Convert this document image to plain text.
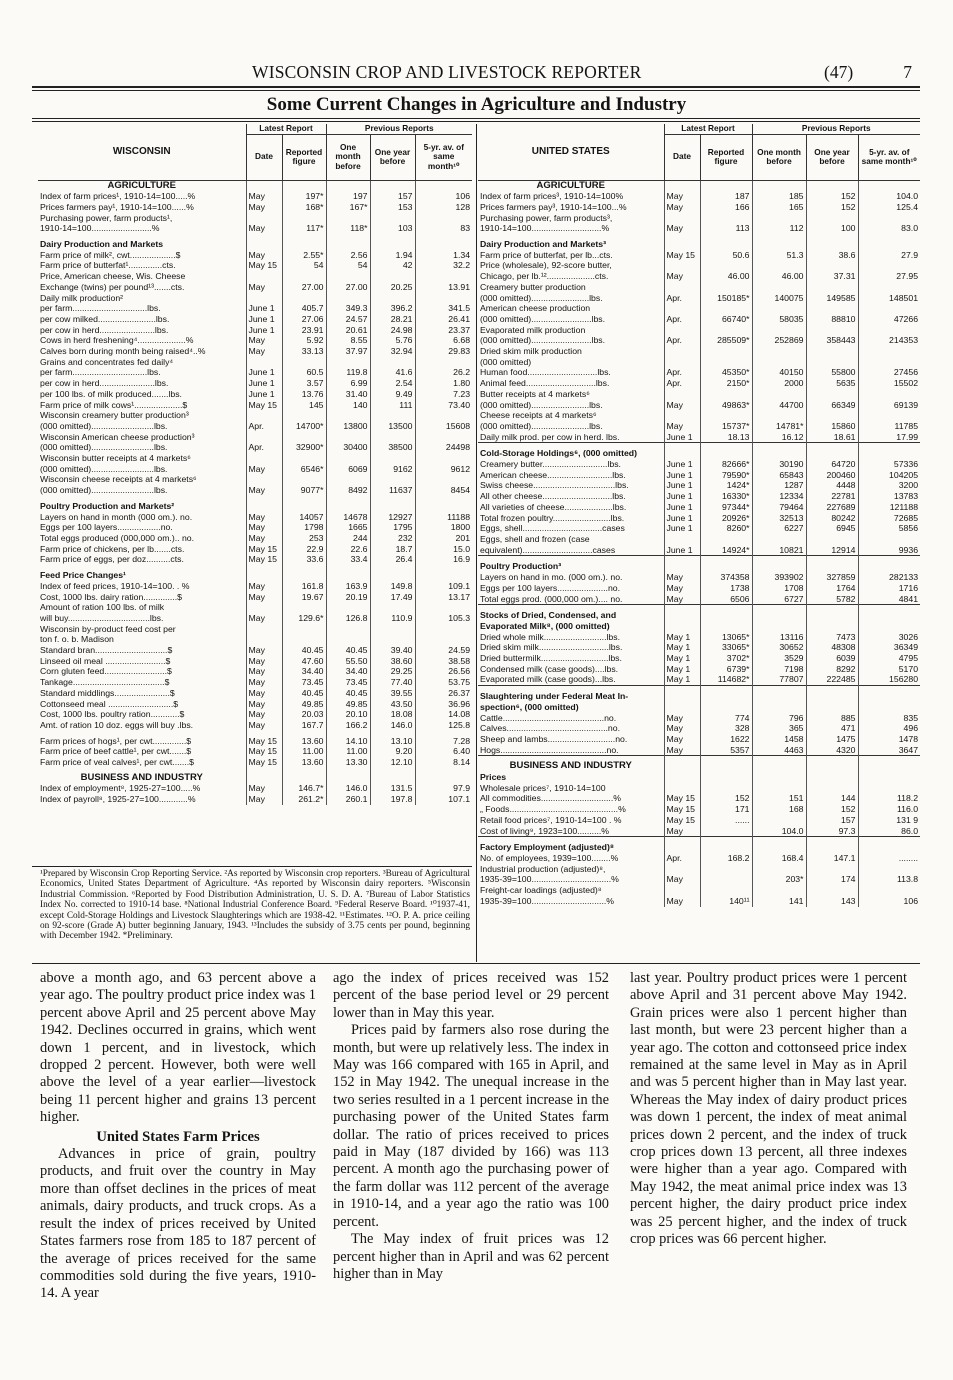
WISCONSIN CROP AND LIVESTOCK REPORTER	(47)	7
Some Current Changes in Agriculture and Industry
WISCONSIN	Latest Report		Previous Reports		
	Date	Reported figure	One month before	One year before	5-yr. av. of same month¹⁰
AGRICULTURE					
Index of farm prices¹, 1910-14=100.....%	May	197*	197	157	106
Prices farmers pay¹, 1910-14=100......%	May	168*	167*	153	128
Purchasing power, farm products¹,					
1910-14=100.........................%	May	117*	118*	103	83

Dairy Production and Markets					
Farm price of milk², cwt...................$	May	2.55*	2.56	1.94	1.34
Farm price of butterfat¹..............cts.	May 15	54	54	42	32.2
Price, American cheese, Wis. Cheese					
Exchange (twins) per pound¹³.......cts.	May	27.00	27.00	20.25	13.91
Daily milk production²					
per farm...............................lbs.	June 1	405.7	349.3	396.2	341.5
per cow milked........................lbs.	June 1	27.06	24.57	28.21	26.41
per cow in herd.......................lbs.	June 1	23.91	20.61	24.98	23.37
Cows in herd freshening⁴....................%	May	5.92	8.55	5.76	6.68
Calves born during month being raised⁴..%	May	33.13	37.97	32.94	29.83
Grains and concentrates fed daily⁴					
per farm...............................lbs.	June 1	60.5	119.8	41.6	26.2
per cow in herd.......................lbs.	June 1	3.57	6.99	2.54	1.80
per 100 lbs. of milk produced.......lbs.	June 1	13.76	31.40	9.49	7.23
Farm price of milk cows¹....................$	May 15	145	140	111	73.40
Wisconsin creamery butter production³					
(000 omitted)..........................lbs.	Apr.	14700*	13800	13500	15608
Wisconsin American cheese production³					
(000 omitted)..........................lbs.	Apr.	32900*	30400	38500	24498
Wisconsin butter receipts at 4 markets⁶					
(000 omitted)..........................lbs.	May	6546*	6069	9162	9612
Wisconsin cheese receipts at 4 markets⁶					
(000 omitted)..........................lbs.	May	9077*	8492	11637	8454

Poultry Production and Markets²					
Layers on hand in month (000 om.). no.	May	14057	14678	12927	11188
Eggs per 100 layers..................no.	May	1798	1665	1795	1800
Total eggs produced (000,000 om.).. no.	May	253	244	232	201
Farm price of chickens, per lb.......cts.	May 15	22.9	22.6	18.7	15.0
Farm price of eggs, per doz..........cts.	May 15	33.6	33.4	26.4	16.9

Feed Price Changes¹					
Index of feed prices, 1910-14=100. . %	May	161.8	163.9	149.8	109.1
Cost, 1000 lbs. dairy ration..............$	May	19.67	20.19	17.49	13.17
Amount of ration 100 lbs. of milk					
will buy..................................lbs.	May	129.6*	126.8	110.9	105.3
Wisconsin by-product feed cost per					
ton f. o. b. Madison					
Standard bran..............................$	May	40.45	40.45	39.40	24.59
Linseed oil meal .........................$	May	47.60	55.50	38.60	38.58
Corn gluten feed..........................$	May	34.40	34.40	29.25	26.56
Tankage......................................$	May	73.45	73.45	77.40	53.75
Standard middlings.......................$	May	40.45	40.45	39.55	26.37
Cottonseed meal ...........................$	May	49.85	49.85	43.50	36.96
Cost, 1000 lbs. poultry ration............$	May	20.03	20.10	18.08	14.08
Amt. of ration 10 doz. eggs will buy .lbs.	May	167.7	166.2	146.0	125.8

Farm prices of hogs¹, per cwt..............$	May 15	13.60	14.10	13.10	7.28
Farm price of beef cattle¹, per cwt.......$	May 15	11.00	11.00	9.20	6.40
Farm price of veal calves¹, per cwt.......$	May 15	13.60	13.30	12.10	8.14

BUSINESS AND INDUSTRY					
Index of employment⁸, 1925-27=100.....%	May	146.7*	146.0	131.5	97.9
Index of payroll⁸, 1925-27=100............%	May	261.2*	260.1	197.8	107.1
UNITED STATES	Latest Report		Previous Reports		
	Date	Reported figure	One month before	One year before	5-yr. av. of same month¹⁰
AGRICULTURE					
Index of farm prices³, 1910-14=100%	May	187	185	152	104.0
Prices farmers pay³, 1910-14=100...%	May	166	165	152	125.4
Purchasing power, farm products³,					
1910-14=100.............................%	May	113	112	100	83.0

Dairy Production and Markets³					
Farm price of butterfat, per lb...cts.	May 15	50.6	51.3	38.6	27.9
Price (wholesale), 92-score butter,					
Chicago, per lb.¹²....................cts.	May	46.00	46.00	37.31	27.95
Creamery butter production					
(000 omitted)........................lbs.	Apr.	150185*	140075	149585	148501
American cheese production					
(000 omitted).........................lbs.	Apr.	66740*	58035	88810	47266
Evaporated milk production					
(000 omitted).........................lbs.	Apr.	285509*	252869	358443	214353
Dried skim milk production					
(000 omitted)					
Human food.............................lbs.	Apr.	45350*	40150	55800	27456
Animal feed.............................lbs.	Apr.	2150*	2000	5635	15502
Butter receipts at 4 markets⁶					
(000 omitted)........................lbs.	May	49863*	44700	66349	69139
Cheese receipts at 4 markets⁶					
(000 omitted)........................lbs.	May	15737*	14781*	15860	11785
Daily milk prod. per cow in herd. lbs.	June 1	18.13	16.12	18.61	17.99

Cold-Storage Holdings⁶, (000 omitted)					
Creamery butter...........................lbs.	June 1	82666*	30190	64720	57336
American cheese...........................lbs.	June 1	79590*	65843	200460	104205
Swiss cheese..................................lbs.	June 1	1424*	1287	4448	3200
All other cheese.............................lbs.	June 1	16330*	12334	22781	13783
All varieties of cheese....................lbs.	June 1	97344*	79464	227689	121188
Total frozen poultry........................lbs.	June 1	20926*	32513	80242	72685
Eggs, shell.................................cases	June 1	8260*	6227	6945	5856
Eggs, shell and frozen (case					
equivalent).............................cases	June 1	14924*	10821	12914	9936

Poultry Production³					
Layers on hand in mo. (000 om.). no.	May	374358	393902	327859	282133
Eggs per 100 layers.....................no.	May	1738	1708	1764	1716
Total eggs prod. (000,000 om.).... no.	May	6506	6727	5782	4841

Stocks of Dried, Condensed, and					
Evaporated Milk⁸, (000 omitted)					
Dried whole milk..........................lbs.	May 1	13065*	13116	7473	3026
Dried skim milk.............................lbs.	May 1	33065*	30652	48308	36349
Dried buttermilk............................lbs.	May 1	3702*	3529	6039	4795
Condensed milk (case goods)....lbs.	May 1	6739*	7198	8292	5170
Evaporated milk (case goods)...lbs.	May 1	114682*	77807	222485	156280

Slaughtering under Federal Meat In-					
spection⁶, (000 omitted)					
Cattle..........................................no.	May	774	796	885	835
Calves..........................................no.	May	328	365	471	496
Sheep and lambs............................no.	May	1622	1458	1475	1478
Hogs............................................no.	May	5357	4463	4320	3647

BUSINESS AND INDUSTRY					
Prices					
Wholesale prices⁷, 1910-14=100					
All commodities..............................%	May 15	152	151	144	118.2
„ Foods.............................................%	May 15	171	168	152	116.0
Retail food prices⁷, 1910-14=100 . %	May 15	......		157	131 9
Cost of living⁹, 1923=100..........%	May		104.0	97.3	86.0

Factory Employment (adjusted)⁸					
No. of employees, 1939=100........%	Apr.	168.2	168.4	147.1	........
Industrial production (adjusted)⁸,					
1935-39=100.................................%	May		203*	174	113.8
Freight-car loadings (adjusted)⁸					
1935-39=100...............................%	May	140¹¹	141	143	106
¹Prepared by Wisconsin Crop Reporting Service. ²As reported by Wisconsin crop reporters. ³Bureau of Agricultural Economics, United States Department of Agriculture. ⁴As reported by Wisconsin dairy reporters. ⁵Wisconsin Industrial Commission. ⁶Reported by Food Distribution Administration, U. S. D. A. ⁷Bureau of Labor Statistics Index No. corrected to 1910-14 base. ⁸National Industrial Conference Board. ⁹Federal Reserve Board. ¹⁰1937-41, except Cold-Storage Holdings and Livestock Slaughterings which are 1938-42. ¹¹Estimates. ¹²O. P. A. price ceiling on 92-score (Grade A) butter beginning January, 1943. ¹³Includes the subsidy of 3.75 cents per pound, beginning with December 1942. *Preliminary.

above a month ago, and 63 percent above a year ago. The poultry product price index was 1 percent above April and 25 percent above May 1942. Declines occurred in grains, which went down 1 percent, and in livestock, which dropped 2 percent. However, both were well above the level of a year earlier—livestock being 11 percent higher and grains 13 percent higher.

United States Farm Prices

Advances in price of grain, poultry products, and fruit over the country in May more than offset declines in the prices of meat animals, dairy products, and truck crops. As a result the index of prices received by United States farmers rose from 185 to 187 percent of the average of prices received for the same commodities sold during the five years, 1910-14. A year

ago the index of prices received was 152 percent of the base period level or 29 percent lower than in May this year.

Prices paid by farmers also rose during the month, but were up relatively less. The index in May was 166 compared with 165 in April, and 152 in May 1942. The unequal increase in the two series resulted in a 1 percent increase in the purchasing power of the United States farm dollar. The ratio of prices received to prices paid in May (187 divided by 166) was 113 percent. A month ago the purchasing power of the farm dollar was 112 percent of the average in 1910-14, and a year ago the ratio was 100 percent.

The May index of fruit prices was 12 percent higher than in April and was 62 percent higher than in May

last year. Poultry product prices were 1 percent above April and 31 percent above May 1942. Grain prices were also 1 percent higher than last month, but were 23 percent higher than a year ago. The cotton and cottonseed price index remained at the same level in May as in April and was 5 percent higher than in May last year. Whereas the May index of dairy product prices was down 1 percent, the index of meat animal prices down 2 percent, and the index of truck crop prices down 13 percent, all three indexes were higher than a year ago. Compared with May 1942, the meat animal price index was 13 percent higher, the dairy product price index was 25 percent higher, and the index of truck crop prices was 66 percent higher.
